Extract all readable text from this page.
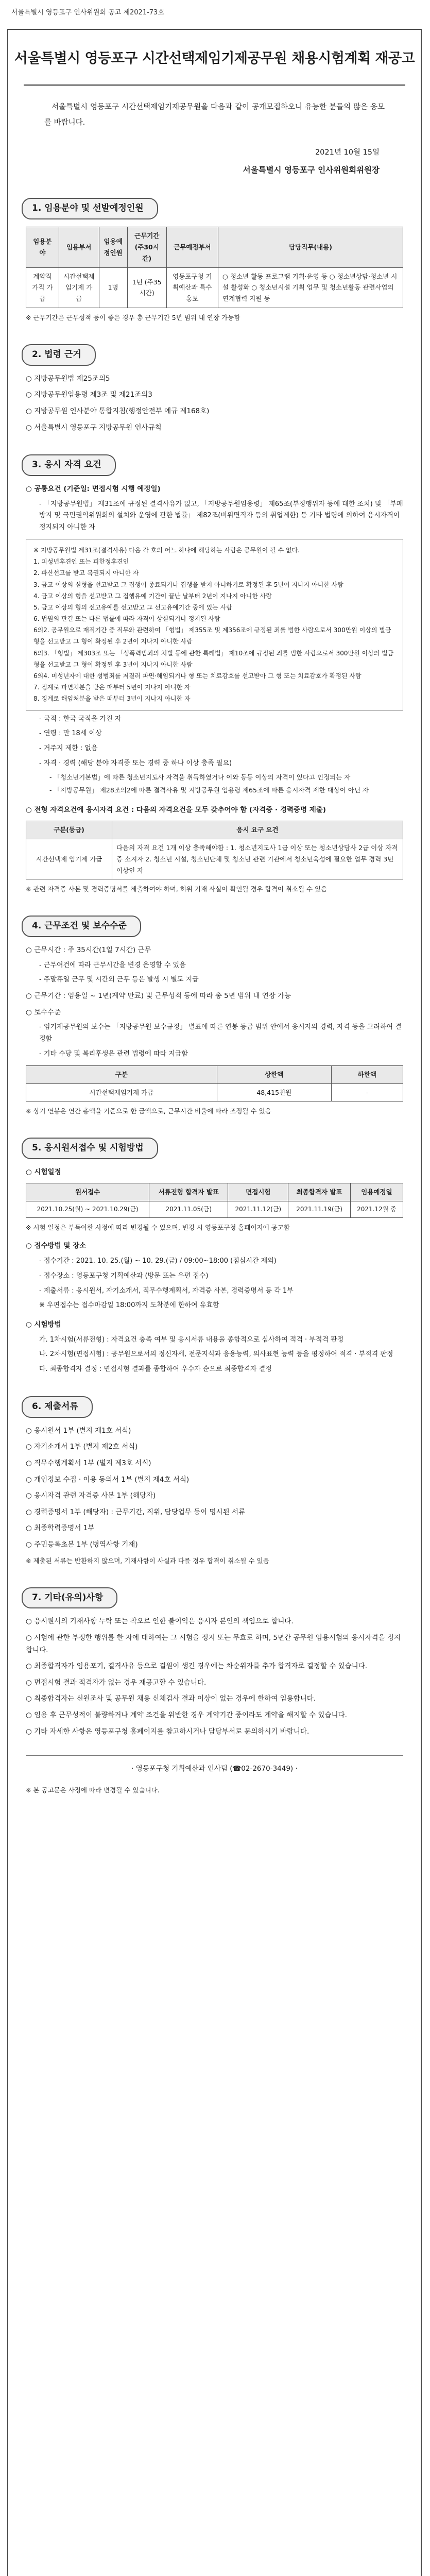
서울특별시 영등포구 인사위원회 공고 제2021-73호
서울특별시 영등포구 시간선택제임기제공무원 채용시험계획 재공고
서울특별시 영등포구 시간선택제임기제공무원을 다음과 같이 공개모집하오니 유능한 분들의 많은 응모를 바랍니다.
2021년 10월 15일
서울특별시 영등포구 인사위원회위원장
1. 임용분야 및 선발예정인원
임용분야	임용부서	임용예정인원	근무기간(주30시간)	근무예정부서	담당직무(내용)
계약직 가직 가급	시간선택제임기제 가급	1명	1년 (주35시간)	영등포구청 기획예산과 특수홍보	○ 청소년 활동 프로그램 기획·운영 등 ○ 청소년상담·청소년 시설 활성화 ○ 청소년시설 기획 업무 및 청소년활동 관련사업의 연계협력 지원 등
※ 근무기간은 근무성적 등이 좋은 경우 총 근무기간 5년 범위 내 연장 가능함
2. 법령 근거
○ 지방공무원법 제25조의5
○ 지방공무원임용령 제3조 및 제21조의3
○ 지방공무원 인사분야 통합지침(행정안전부 예규 제168호)
○ 서울특별시 영등포구 지방공무원 인사규칙
3. 응시 자격 요건
○ 공통요건 (기준일: 면접시험 시행 예정일)
- 「지방공무원법」 제31조에 규정된 결격사유가 없고, 「지방공무원임용령」 제65조(부정행위자 등에 대한 조치) 및 「부패방지 및 국민권익위원회의 설치와 운영에 관한 법률」 제82조(비위면직자 등의 취업제한) 등 기타 법령에 의하여 응시자격이 정지되지 아니한 자
※ 지방공무원법 제31조(결격사유) 다음 각 호의 어느 하나에 해당하는 사람은 공무원이 될 수 없다.
1. 피성년후견인 또는 피한정후견인
2. 파산선고를 받고 복권되지 아니한 자
3. 금고 이상의 실형을 선고받고 그 집행이 종료되거나 집행을 받지 아니하기로 확정된 후 5년이 지나지 아니한 사람
4. 금고 이상의 형을 선고받고 그 집행유예 기간이 끝난 날부터 2년이 지나지 아니한 사람
5. 금고 이상의 형의 선고유예를 선고받고 그 선고유예기간 중에 있는 사람
6. 법원의 판결 또는 다른 법률에 따라 자격이 상실되거나 정지된 사람
6의2. 공무원으로 재직기간 중 직무와 관련하여 「형법」 제355조 및 제356조에 규정된 죄를 범한 사람으로서 300만원 이상의 벌금형을 선고받고 그 형이 확정된 후 2년이 지나지 아니한 사람
6의3. 「형법」 제303조 또는 「성폭력범죄의 처벌 등에 관한 특례법」 제10조에 규정된 죄를 범한 사람으로서 300만원 이상의 벌금형을 선고받고 그 형이 확정된 후 3년이 지나지 아니한 사람
6의4. 미성년자에 대한 성범죄를 저질러 파면·해임되거나 형 또는 치료감호를 선고받아 그 형 또는 치료감호가 확정된 사람
7. 징계로 파면처분을 받은 때부터 5년이 지나지 아니한 자
8. 징계로 해임처분을 받은 때부터 3년이 지나지 아니한 자
- 국적 : 한국 국적을 가진 자
- 연령 : 만 18세 이상
- 거주지 제한 : 없음
- 자격 · 경력 (해당 분야 자격증 또는 경력 중 하나 이상 충족 필요)
- 「청소년기본법」에 따른 청소년지도사 자격을 취득하였거나 이와 동등 이상의 자격이 있다고 인정되는 자
- 「지방공무원」 제28조의2에 따른 결격사유 및 지방공무원 임용령 제65조에 따른 응시자격 제한 대상이 아닌 자
○ 전형 자격요건에 응시자격 요건 : 다음의 자격요건을 모두 갖추어야 함 (자격증 · 경력증명 제출)
구분(등급)	응시 요구 요건
시간선택제 임기제 가급	다음의 자격 요건 1개 이상 충족해야함 : 1. 청소년지도사 1급 이상 또는 청소년상담사 2급 이상 자격증 소지자 2. 청소년 시설, 청소년단체 및 청소년 관련 기관에서 청소년육성에 필요한 업무 경력 3년 이상인 자
※ 관련 자격증 사본 및 경력증명서를 제출하여야 하며, 허위 기재 사실이 확인될 경우 합격이 취소될 수 있음
4. 근무조건 및 보수수준
○ 근무시간 : 주 35시간(1일 7시간) 근무
- 근무여건에 따라 근무시간을 변경 운영할 수 있음
- 주말휴일 근무 및 시간외 근무 등은 발생 시 별도 지급
○ 근무기간 : 임용일 ~ 1년(계약 만료) 및 근무성적 등에 따라 총 5년 범위 내 연장 가능
○ 보수수준
- 임기제공무원의 보수는 「지방공무원 보수규정」 별표에 따른 연봉 등급 범위 안에서 응시자의 경력, 자격 등을 고려하여 결정함
- 기타 수당 및 복리후생은 관련 법령에 따라 지급함
구분	상한액	하한액
시간선택제임기제 가급	48,415천원	-
※ 상기 연봉은 연간 총액을 기준으로 한 금액으로, 근무시간 비율에 따라 조정될 수 있음
5. 응시원서접수 및 시험방법
○ 시험일정
원서접수	서류전형 합격자 발표	면접시험	최종합격자 발표	임용예정일
2021.10.25(월) ~ 2021.10.29(금)	2021.11.05(금)	2021.11.12(금)	2021.11.19(금)	2021.12월 중
※ 시험 일정은 부득이한 사정에 따라 변경될 수 있으며, 변경 시 영등포구청 홈페이지에 공고함
○ 접수방법 및 장소
- 접수기간 : 2021. 10. 25.(월) ~ 10. 29.(금) / 09:00~18:00 (점심시간 제외)
- 접수장소 : 영등포구청 기획예산과 (방문 또는 우편 접수)
- 제출서류 : 응시원서, 자기소개서, 직무수행계획서, 자격증 사본, 경력증명서 등 각 1부
※ 우편접수는 접수마감일 18:00까지 도착분에 한하여 유효함
○ 시험방법
가. 1차시험(서류전형) : 자격요건 충족 여부 및 응시서류 내용을 종합적으로 심사하여 적격 · 부적격 판정
나. 2차시험(면접시험) : 공무원으로서의 정신자세, 전문지식과 응용능력, 의사표현 능력 등을 평정하여 적격 · 부적격 판정
다. 최종합격자 결정 : 면접시험 결과를 종합하여 우수자 순으로 최종합격자 결정
6. 제출서류
○ 응시원서 1부 (별지 제1호 서식)
○ 자기소개서 1부 (별지 제2호 서식)
○ 직무수행계획서 1부 (별지 제3호 서식)
○ 개인정보 수집 · 이용 동의서 1부 (별지 제4호 서식)
○ 응시자격 관련 자격증 사본 1부 (해당자)
○ 경력증명서 1부 (해당자) : 근무기간, 직위, 담당업무 등이 명시된 서류
○ 최종학력증명서 1부
○ 주민등록초본 1부 (병역사항 기재)
※ 제출된 서류는 반환하지 않으며, 기재사항이 사실과 다를 경우 합격이 취소될 수 있음
7. 기타(유의)사항
○ 응시원서의 기재사항 누락 또는 착오로 인한 불이익은 응시자 본인의 책임으로 합니다.
○ 시험에 관한 부정한 행위를 한 자에 대하여는 그 시험을 정지 또는 무효로 하며, 5년간 공무원 임용시험의 응시자격을 정지합니다.
○ 최종합격자가 임용포기, 결격사유 등으로 결원이 생긴 경우에는 차순위자를 추가 합격자로 결정할 수 있습니다.
○ 면접시험 결과 적격자가 없는 경우 재공고할 수 있습니다.
○ 최종합격자는 신원조사 및 공무원 채용 신체검사 결과 이상이 없는 경우에 한하여 임용합니다.
○ 임용 후 근무성적이 불량하거나 계약 조건을 위반한 경우 계약기간 중이라도 계약을 해지할 수 있습니다.
○ 기타 자세한 사항은 영등포구청 홈페이지를 참고하시거나 담당부서로 문의하시기 바랍니다.
· 영등포구청 기획예산과 인사팀 (☎02-2670-3449) ·
※ 본 공고문은 사정에 따라 변경될 수 있습니다.
